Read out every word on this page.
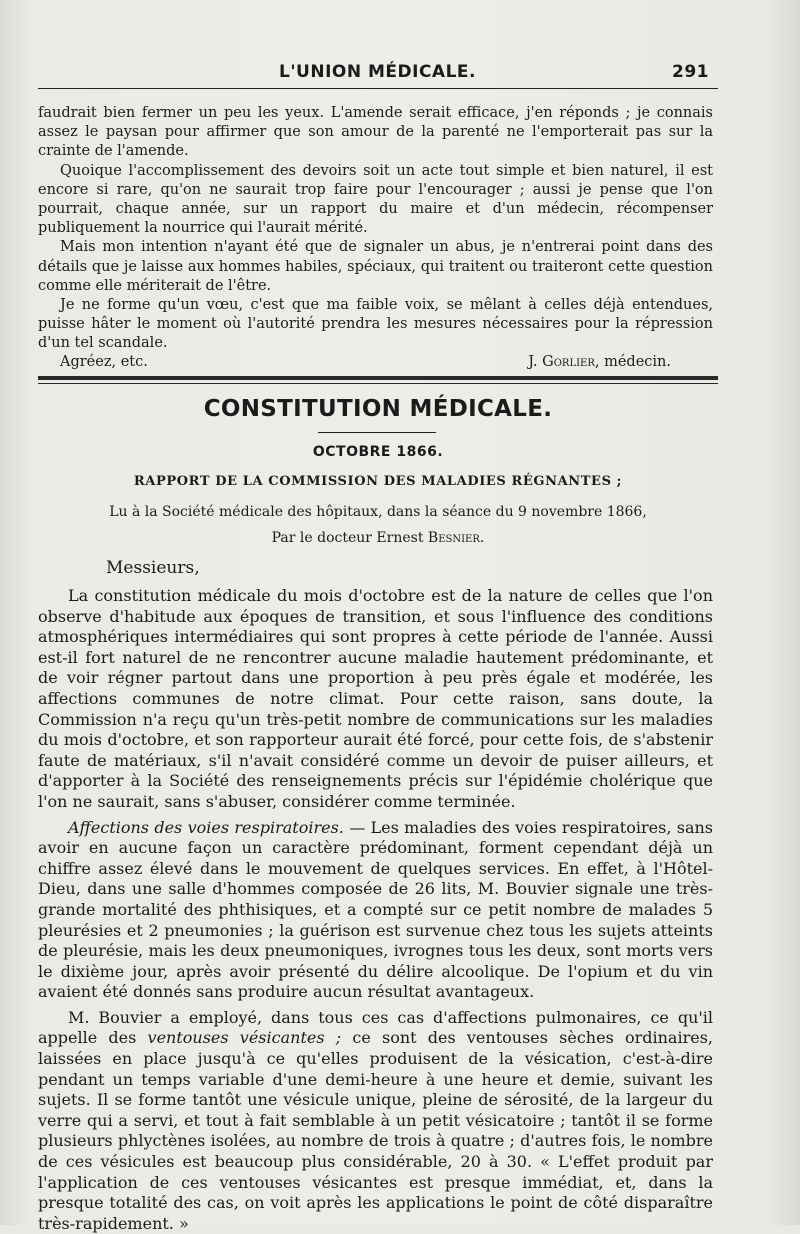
L'UNION MÉDICALE.	291

faudrait bien fermer un peu les yeux. L'amende serait efficace, j'en réponds ; je connais assez le paysan pour affirmer que son amour de la parenté ne l'emporterait pas sur la crainte de l'amende.

Quoique l'accomplissement des devoirs soit un acte tout simple et bien naturel, il est encore si rare, qu'on ne saurait trop faire pour l'encourager ; aussi je pense que l'on pourrait, chaque année, sur un rapport du maire et d'un médecin, récompenser publiquement la nourrice qui l'aurait mérité.

Mais mon intention n'ayant été que de signaler un abus, je n'entrerai point dans des détails que je laisse aux hommes habiles, spéciaux, qui traitent ou traiteront cette question comme elle mériterait de l'être.

Je ne forme qu'un vœu, c'est que ma faible voix, se mêlant à celles déjà entendues, puisse hâter le moment où l'autorité prendra les mesures nécessaires pour la répression d'un tel scandale.

Agréez, etc.	J. Gorlier, médecin.
CONSTITUTION MÉDICALE.
OCTOBRE 1866.
RAPPORT DE LA COMMISSION DES MALADIES RÉGNANTES ;
Lu à la Société médicale des hôpitaux, dans la séance du 9 novembre 1866,
Par le docteur Ernest Besnier.
Messieurs,

La constitution médicale du mois d'octobre est de la nature de celles que l'on observe d'habitude aux époques de transition, et sous l'influence des conditions atmosphériques intermédiaires qui sont propres à cette période de l'année. Aussi est-il fort naturel de ne rencontrer aucune maladie hautement prédominante, et de voir régner partout dans une proportion à peu près égale et modérée, les affections communes de notre climat. Pour cette raison, sans doute, la Commission n'a reçu qu'un très-petit nombre de communications sur les maladies du mois d'octobre, et son rapporteur aurait été forcé, pour cette fois, de s'abstenir faute de matériaux, s'il n'avait considéré comme un devoir de puiser ailleurs, et d'apporter à la Société des renseignements précis sur l'épidémie cholérique que l'on ne saurait, sans s'abuser, considérer comme terminée.

Affections des voies respiratoires. — Les maladies des voies respiratoires, sans avoir en aucune façon un caractère prédominant, forment cependant déjà un chiffre assez élevé dans le mouvement de quelques services. En effet, à l'Hôtel-Dieu, dans une salle d'hommes composée de 26 lits, M. Bouvier signale une très-grande mortalité des phthisiques, et a compté sur ce petit nombre de malades 5 pleurésies et 2 pneumonies ; la guérison est survenue chez tous les sujets atteints de pleurésie, mais les deux pneumoniques, ivrognes tous les deux, sont morts vers le dixième jour, après avoir présenté du délire alcoolique. De l'opium et du vin avaient été donnés sans produire aucun résultat avantageux.

M. Bouvier a employé, dans tous ces cas d'affections pulmonaires, ce qu'il appelle des ventouses vésicantes ; ce sont des ventouses sèches ordinaires, laissées en place jusqu'à ce qu'elles produisent de la vésication, c'est-à-dire pendant un temps variable d'une demi-heure à une heure et demie, suivant les sujets. Il se forme tantôt une vésicule unique, pleine de sérosité, de la largeur du verre qui a servi, et tout à fait semblable à un petit vésicatoire ; tantôt il se forme plusieurs phlyctènes isolées, au nombre de trois à quatre ; d'autres fois, le nombre de ces vésicules est beaucoup plus considérable, 20 à 30. « L'effet produit par l'application de ces ventouses vésicantes est presque immédiat, et, dans la presque totalité des cas, on voit après les applications le point de côté disparaître très-rapidement. »
